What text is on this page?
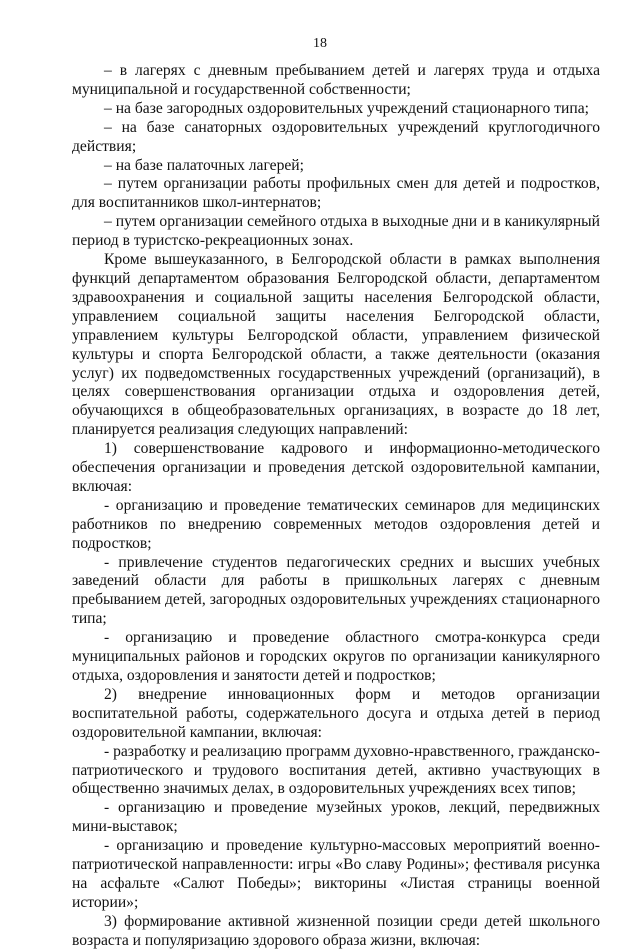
18

– в лагерях с дневным пребыванием детей и лагерях труда и отдыха муниципальной и государственной собственности;

– на базе загородных оздоровительных учреждений стационарного типа;

– на базе санаторных оздоровительных учреждений круглогодичного действия;

– на базе палаточных лагерей;

– путем организации работы профильных смен для детей и подростков, для воспитанников школ-интернатов;

– путем организации семейного отдыха в выходные дни и в каникулярный период в туристско-рекреационных зонах.

Кроме вышеуказанного, в Белгородской области в рамках выполнения функций департаментом образования Белгородской области, департаментом здравоохранения и социальной защиты населения Белгородской области, управлением социальной защиты населения Белгородской области, управлением культуры Белгородской области, управлением физической культуры и спорта Белгородской области, а также деятельности (оказания услуг) их подведомственных государственных учреждений (организаций), в целях совершенствования организации отдыха и оздоровления детей, обучающихся в общеобразовательных организациях, в возрасте до 18 лет, планируется реализация следующих направлений:

1) совершенствование кадрового и информационно-методического обеспечения организации и проведения детской оздоровительной кампании, включая:

- организацию и проведение тематических семинаров для медицинских работников по внедрению современных методов оздоровления детей и подростков;

- привлечение студентов педагогических средних и высших учебных заведений области для работы в пришкольных лагерях с дневным пребыванием детей, загородных оздоровительных учреждениях стационарного типа;

- организацию и проведение областного смотра-конкурса среди муниципальных районов и городских округов по организации каникулярного отдыха, оздоровления и занятости детей и подростков;

2) внедрение инновационных форм и методов организации воспитательной работы, содержательного досуга и отдыха детей в период оздоровительной кампании, включая:

- разработку и реализацию программ духовно-нравственного, гражданско-патриотического и трудового воспитания детей, активно участвующих в общественно значимых делах, в оздоровительных учреждениях всех типов;

- организацию и проведение музейных уроков, лекций, передвижных мини-выставок;

- организацию и проведение культурно-массовых мероприятий военно-патриотической направленности: игры «Во славу Родины»; фестиваля рисунка на асфальте «Салют Победы»; викторины «Листая страницы военной истории»;

3) формирование активной жизненной позиции среди детей школьного возраста и популяризацию здорового образа жизни, включая:
